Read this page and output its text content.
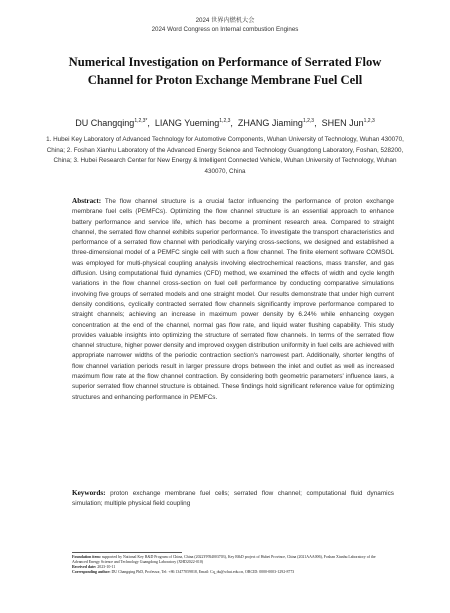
2024 世界内燃机大会
2024 Word Congress on Internal combustion Engines
Numerical Investigation on Performance of Serrated Flow
Channel for Proton Exchange Membrane Fuel Cell
DU Changqing$^{1,2,3*}$,  LIANG Yueming$^{1,2,3}$,  ZHANG Jiaming$^{1,2,3}$,  SHEN Jun$^{1,2,3}$
1. Hubei Key Laboratory of Advanced Technology for Automotive Components, Wuhan University of Technology, Wuhan 430070, China; 2. Foshan Xianhu Laboratory of the Advanced Energy Science and Technology Guangdong Laboratory, Foshan, 528200, China; 3. Hubei Research Center for New Energy & Intelligent Connected Vehicle, Wuhan University of Technology, Wuhan 430070, China
Abstract: The flow channel structure is a crucial factor influencing the performance of proton exchange membrane fuel cells (PEMFCs). Optimizing the flow channel structure is an essential approach to enhance battery performance and service life, which has become a prominent research area. Compared to straight channel, the serrated flow channel exhibits superior performance. To investigate the transport characteristics and performance of a serrated flow channel with periodically varying cross-sections, we designed and established a three-dimensional model of a PEMFC single cell with such a flow channel. The finite element software COMSOL was employed for multi-physical coupling analysis involving electrochemical reactions, mass transfer, and gas diffusion. Using computational fluid dynamics (CFD) method, we examined the effects of width and cycle length variations in the flow channel cross-section on fuel cell performance by conducting comparative simulations involving five groups of serrated models and one straight model. Our results demonstrate that under high current density conditions, cyclically contracted serrated flow channels significantly improve performance compared to straight channels; achieving an increase in maximum power density by 6.24% while enhancing oxygen concentration at the end of the channel, normal gas flow rate, and liquid water flushing capability. This study provides valuable insights into optimizing the structure of serrated flow channels. In terms of the serrated flow channel structure, higher power density and improved oxygen distribution uniformity in fuel cells are achieved with appropriate narrower widths of the periodic contraction section's narrowest part. Additionally, shorter lengths of flow channel variation periods result in larger pressure drops between the inlet and outlet as well as increased maximum flow rate at the flow channel contraction. By considering both geometric parameters' influence laws, a superior serrated flow channel structure is obtained. These findings hold significant reference value for optimizing structures and enhancing performance in PEMFCs.
Keywords: proton exchange membrane fuel cells; serrated flow channel; computational fluid dynamics simulation; multiple physical field coupling
Foundation item: supported by National Key R&D Program of China, China (2022YFB4003703), Key R&D project of Hubei Province, China (2021AAA006), Foshan Xianhu Laboratory of the Advanced Energy Science and Technology Guangdong Laboratory (XHD2022-010)
Received date: 2023-10-11
Corresponding author: DU Changqing PhD, Professor, Tel: +86 13477059818, Email: Cq_du@whut.edu.cn, ORCID: 0000-0003-1292-8773
